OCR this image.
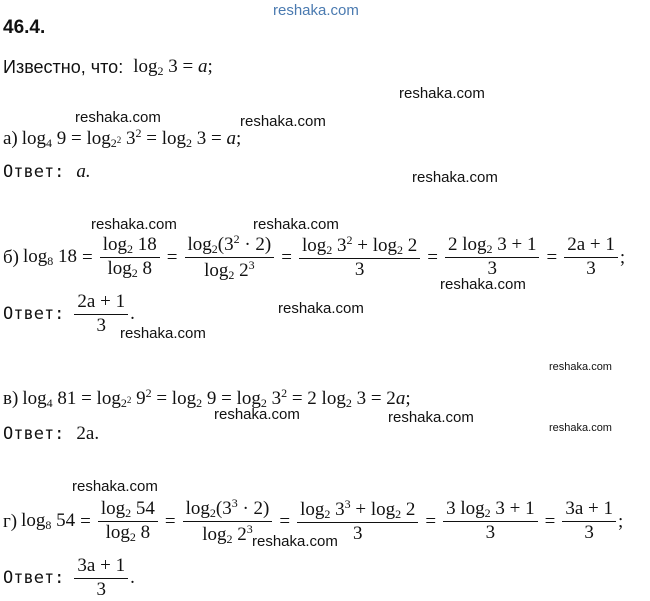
reshaka.com
reshaka.com
reshaka.com	reshaka.com
reshaka.com
reshaka.com	reshaka.com
reshaka.com
reshaka.com
reshaka.com
reshaka.com
reshaka.com	reshaka.com
reshaka.com
reshaka.com
reshaka.com
46.4.
Известно, что: $\log_2 3 = a$;
а) $\log_4 9 = \log_{2^2} 3^2 = \log_2 3 = a$;
Ответ: a.
б) $\log_8 18 = \frac{\log_2 18}{\log_2 8} = \frac{\log_2(3^2 \cdot 2)}{\log_2 2^3} = \frac{\log_2 3^2 + \log_2 2}{3} = \frac{2 \log_2 3 + 1}{3} = \frac{2a + 1}{3}$ ;
Ответ: $\frac{2a + 1}{3}$ .
в) $\log_4 81 = \log_{2^2} 9^2 = \log_2 9 = \log_2 3^2 = 2$ $\log_2 3 = 2a$;
Ответ: 2a.
г) $\log_8 54 = \frac{\log_2 54}{\log_2 8} = \frac{\log_2(3^3 \cdot 2)}{\log_2 2^3} = \frac{\log_2 3^3 + \log_2 2}{3} = \frac{3 \log_2 3 + 1}{3} = \frac{3a + 1}{3}$ ;
Ответ: $\frac{3a + 1}{3}$ .
